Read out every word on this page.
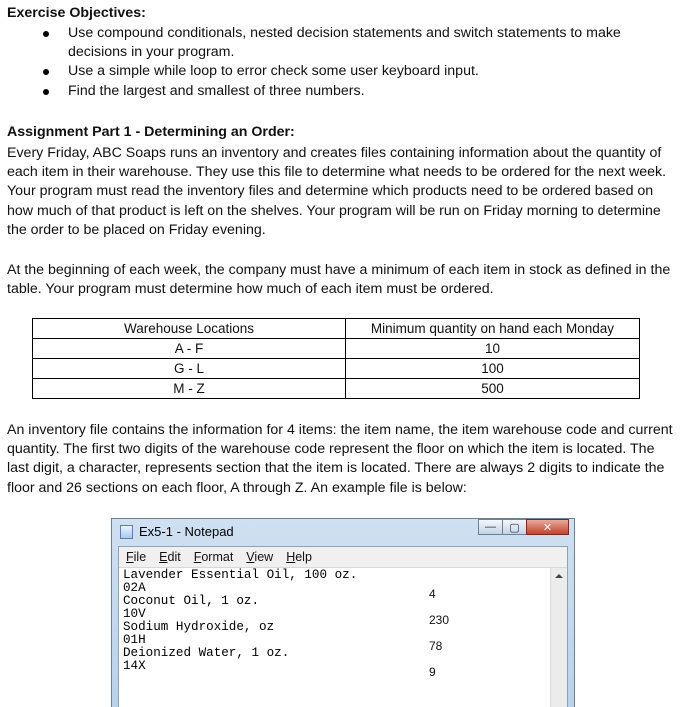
Exercise Objectives:
Use compound conditionals, nested decision statements and switch statements to make decisions in your program.
Use a simple while loop to error check some user keyboard input.
Find the largest and smallest of three numbers.
Assignment Part 1 - Determining an Order:
Every Friday, ABC Soaps runs an inventory and creates files containing information about the quantity of each item in their warehouse. They use this file to determine what needs to be ordered for the next week. Your program must read the inventory files and determine which products need to be ordered based on how much of that product is left on the shelves. Your program will be run on Friday morning to determine the order to be placed on Friday evening.
At the beginning of each week, the company must have a minimum of each item in stock as defined in the table. Your program must determine how much of each item must be ordered.
Warehouse Locations	Minimum quantity on hand each Monday
A - F	10
G - L	100
M - Z	500
An inventory file contains the information for 4 items: the item name, the item warehouse code and current quantity. The first two digits of the warehouse code represent the floor on which the item is located. The last digit, a character, represents section that the item is located. There are always 2 digits to indicate the floor and 26 sections on each floor, A through Z. An example file is below:
Ex5-1 - Notepad	—	▢	✕
File Edit Format View Help
Lavender Essential Oil, 100 oz.
02A
Coconut Oil, 1 oz.
10V
Sodium Hydroxide, oz
01H
Deionized Water, 1 oz.
14X
4
230
78
9
